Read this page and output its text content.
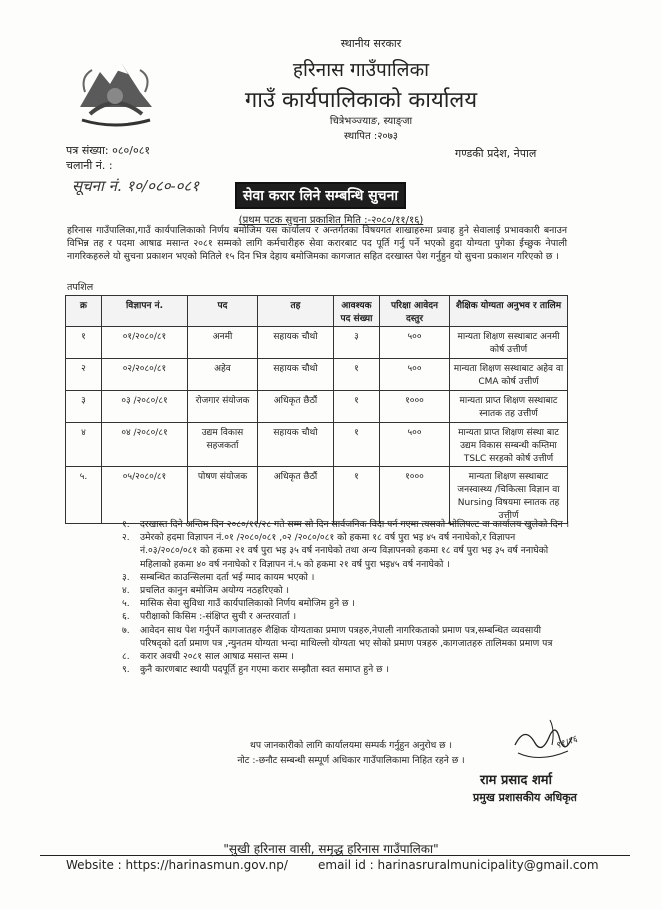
स्थानीय सरकार
हरिनास गाउँपालिका
गाउँ कार्यपालिकाको कार्यालय
चित्रेभञ्ज्याङ, स्याङ्जा
स्थापित :२०७३
पत्र संख्या: ०८०/०८१
चलानी नं. :
गण्डकी प्रदेश, नेपाल
सूचना नं. १०/०८०-०८१
सेवा करार लिने सम्बन्धि सुचना
(प्रथम पटक सुचना प्रकाशित मिति :-२०८०/११/१६)
हरिनास गाउँपालिका,गाउँ कार्यपालिकाको निर्णय बमोजिम यस कार्यालय र अन्तर्गतका विषयगत शाखाहरुमा प्रवाह हुने सेवालाई प्रभावकारी बनाउन विभिन्न तह र पदमा आषाढ मसान्त २०८१ सम्मको लागि कर्मचारीहरु सेवा करारबाट पद पूर्ति गर्नु पर्ने भएको हुदा योग्यता पुगेका ईच्छुक नेपाली नागरिकहरुले यो सुचना प्रकाशन भएको मितिले १५ दिन भित्र देहाय बमोजिमका कागजात सहित दरखास्त पेश गर्नुहुन यो सुचना प्रकाशन गरिएको छ ।
तपशिल
क्र	विज्ञापन नं.	पद	तह	आवश्यक पद संख्या	परिक्षा आवेदन दस्तुर	शैक्षिक योग्यता अनुभव र तालिम
१	०१/२०८०/८१	अनमी	सहायक चौथो	३	५००	मान्यता शिक्षण सस्थाबाट अनमी कोर्ष उत्तीर्ण
२	०२/२०८०/८१	अहेव	सहायक चौथो	१	५००	मान्यता शिक्षण सस्थाबाट अहेव वा CMA कोर्ष उत्तीर्ण
३	०३ /२०८०/८१	रोजगार संयोजक	अधिकृत छैठौं	१	१०००	मान्यता प्राप्त शिक्षण सस्थाबाट स्नातक तह उत्तीर्ण
४	०४ /२०८०/८१	उद्यम विकास सहजकर्ता	सहायक चौथो	१	५००	मान्यता प्राप्त शिक्षण संस्था बाट उद्यम विकास सम्बन्धी कम्तिमा TSLC सरहको कोर्ष उत्तीर्ण
५.	०५/२०८०/८१	पोषण संयोजक	अधिकृत छैठौं	१	१०००	मान्यता शिक्षण सस्थाबाट जनस्वास्थ्य /चिकित्सा विज्ञान वा Nursing विषयमा स्नातक तह उत्तीर्ण
१.	दरखास्त दिने अन्तिम दिन २०८०/११/२८ गते सम्म सो दिन सार्वजनिक विदा पर्न गएमा त्यसको भोलिपल्ट वा कार्यालय खुलेको दिन ।
२.	उमेरको हदमा विज्ञापन नं.०१ /२०८०/०८१ ,०२ /२०८०/०८१ को हकमा १८ वर्ष पुरा भइ ४५ वर्ष ननाघेको,र विज्ञापन नं.०३/२०८०/०८१ को हकमा २१ वर्ष पुरा भइ ३५ वर्ष ननाघेको तथा अन्य विज्ञापनको हकमा १८ वर्ष पुरा भइ ३५ वर्ष ननाघेको महिलाको हकमा ४० वर्ष ननाघेको र विज्ञापन नं.५ को हकमा २१ वर्ष पुरा भइ४५ वर्ष ननाघेको ।
३.	सम्बन्धित काउन्सिलमा दर्ता भई ग्माद कायम भएको ।
४.	प्रचलित कानुन बमोजिम अयोग्य नठहरिएको ।
५.	मासिक सेवा सुविधा गाउँ कार्यपालिकाको निर्णय बमोजिम हुने छ ।
६.	परीक्षाको किसिम :-संक्षिप्त सुची र अन्तरवार्ता ।
७.	आवेदन साथ पेश गर्नुपर्ने कागजातहरु शैक्षिक योग्यताका प्रमाण पत्रहरु,नेपाली नागरिकताको प्रमाण पत्र,सम्बन्धित व्यवसायी परिषद्को दर्ता प्रमाण पत्र ,न्युनतम योग्यता भन्दा माथिल्लो योग्यता भए सोको प्रमाण पत्रहरु ,कागजातहरु तालिमका प्रमाण पत्र
८.	करार अवधी २०८१ साल आषाढ मसान्त सम्म ।
९.	कुनै कारणबाट स्थायी पदपूर्ति हुन गएमा करार सम्झौता स्वत समाप्त हुने छ ।
थप जानकारीको लागि कार्यालयमा सम्पर्क गर्नुहुन अनुरोध छ ।
नोट :-छनौट सम्बन्धी सम्पूर्ण अधिकार गाउँपालिकामा निहित रहने छ ।
९१।१६
राम प्रसाद शर्मा
प्रमुख प्रशासकीय अधिकृत
"सुखी हरिनास वासी, समृद्ध हरिनास गाउँपालिका"
Website : https://harinasmun.gov.np/	email id : harinasruralmunicipality@gmail.com
